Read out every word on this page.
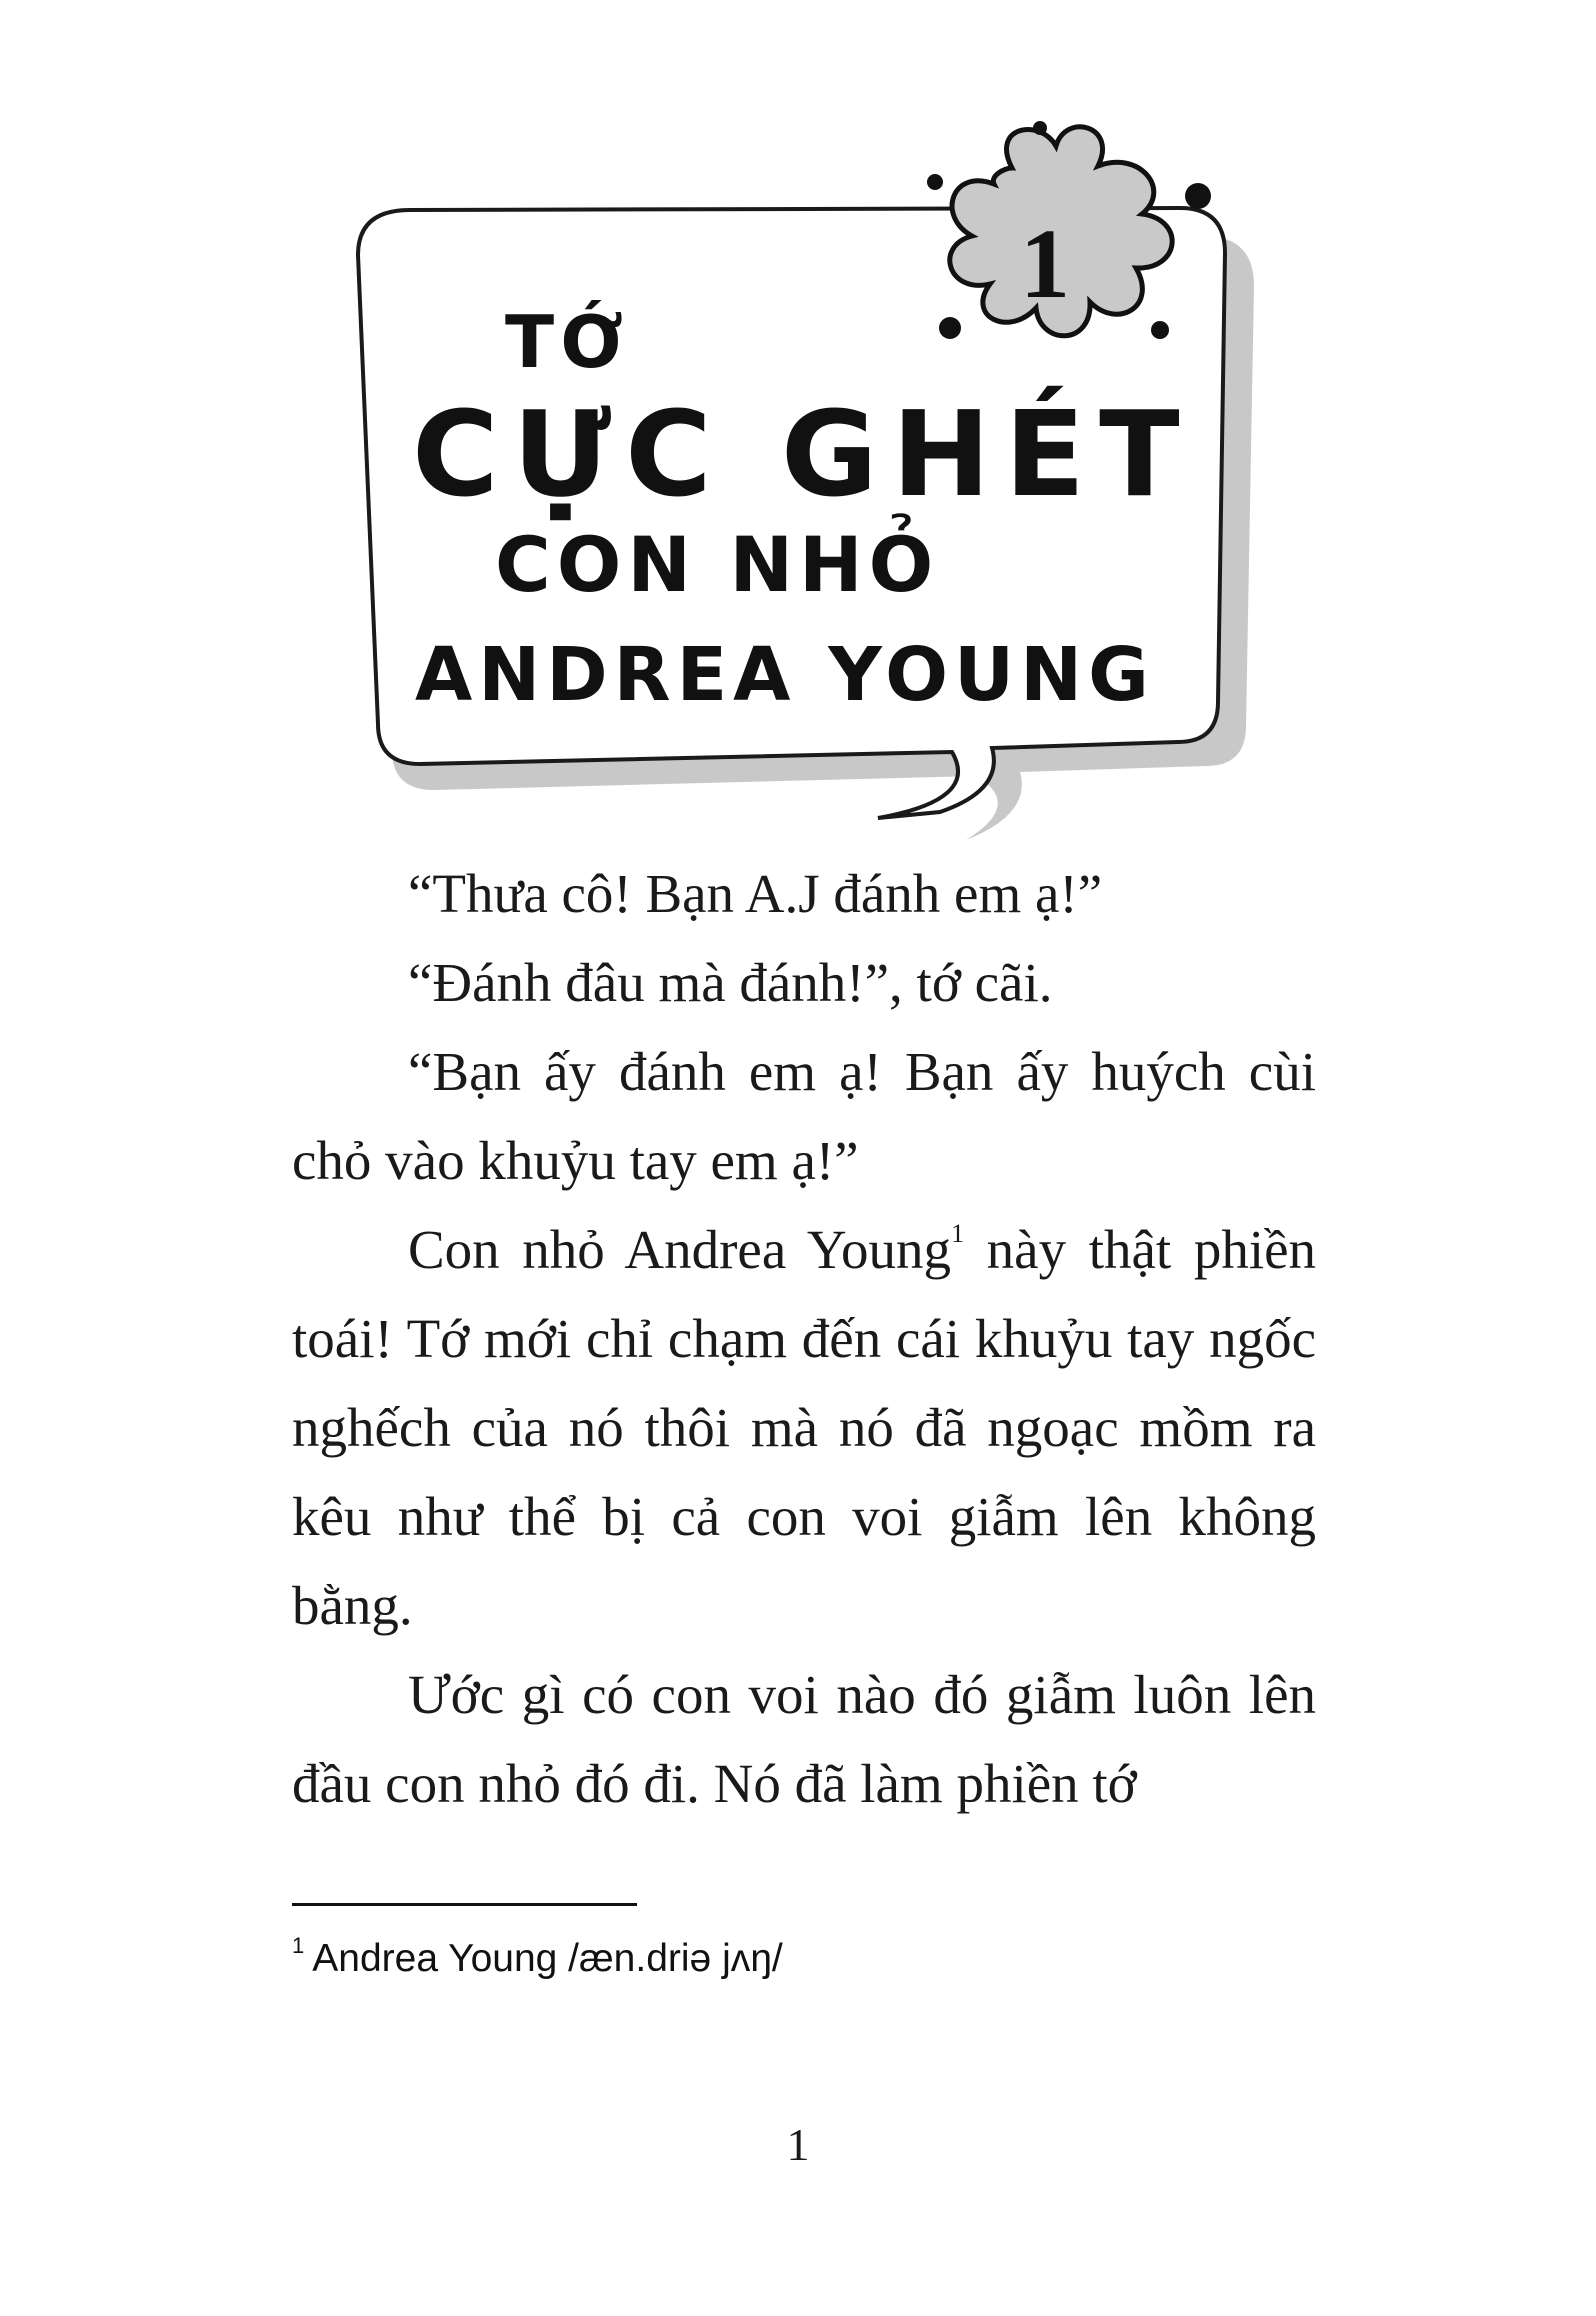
1
TỚ
CỰC GHÉT
CON NHỎ
ANDREA YOUNG

“Thưa cô! Bạn A.J đánh em ạ!”

“Đánh đâu mà đánh!”, tớ cãi.

“Bạn ấy đánh em ạ! Bạn ấy huých cùi chỏ vào khuỷu tay em ạ!”

Con nhỏ Andrea Young$^1$ này thật phiền toái! Tớ mới chỉ chạm đến cái khuỷu tay ngốc nghếch của nó thôi mà nó đã ngoạc mồm ra kêu như thể bị cả con voi giẫm lên không bằng.

Ước gì có con voi nào đó giẫm luôn lên đầu con nhỏ đó đi. Nó đã làm phiền tớ

$^1$ Andrea Young /æn.driə jʌŋ/
1
